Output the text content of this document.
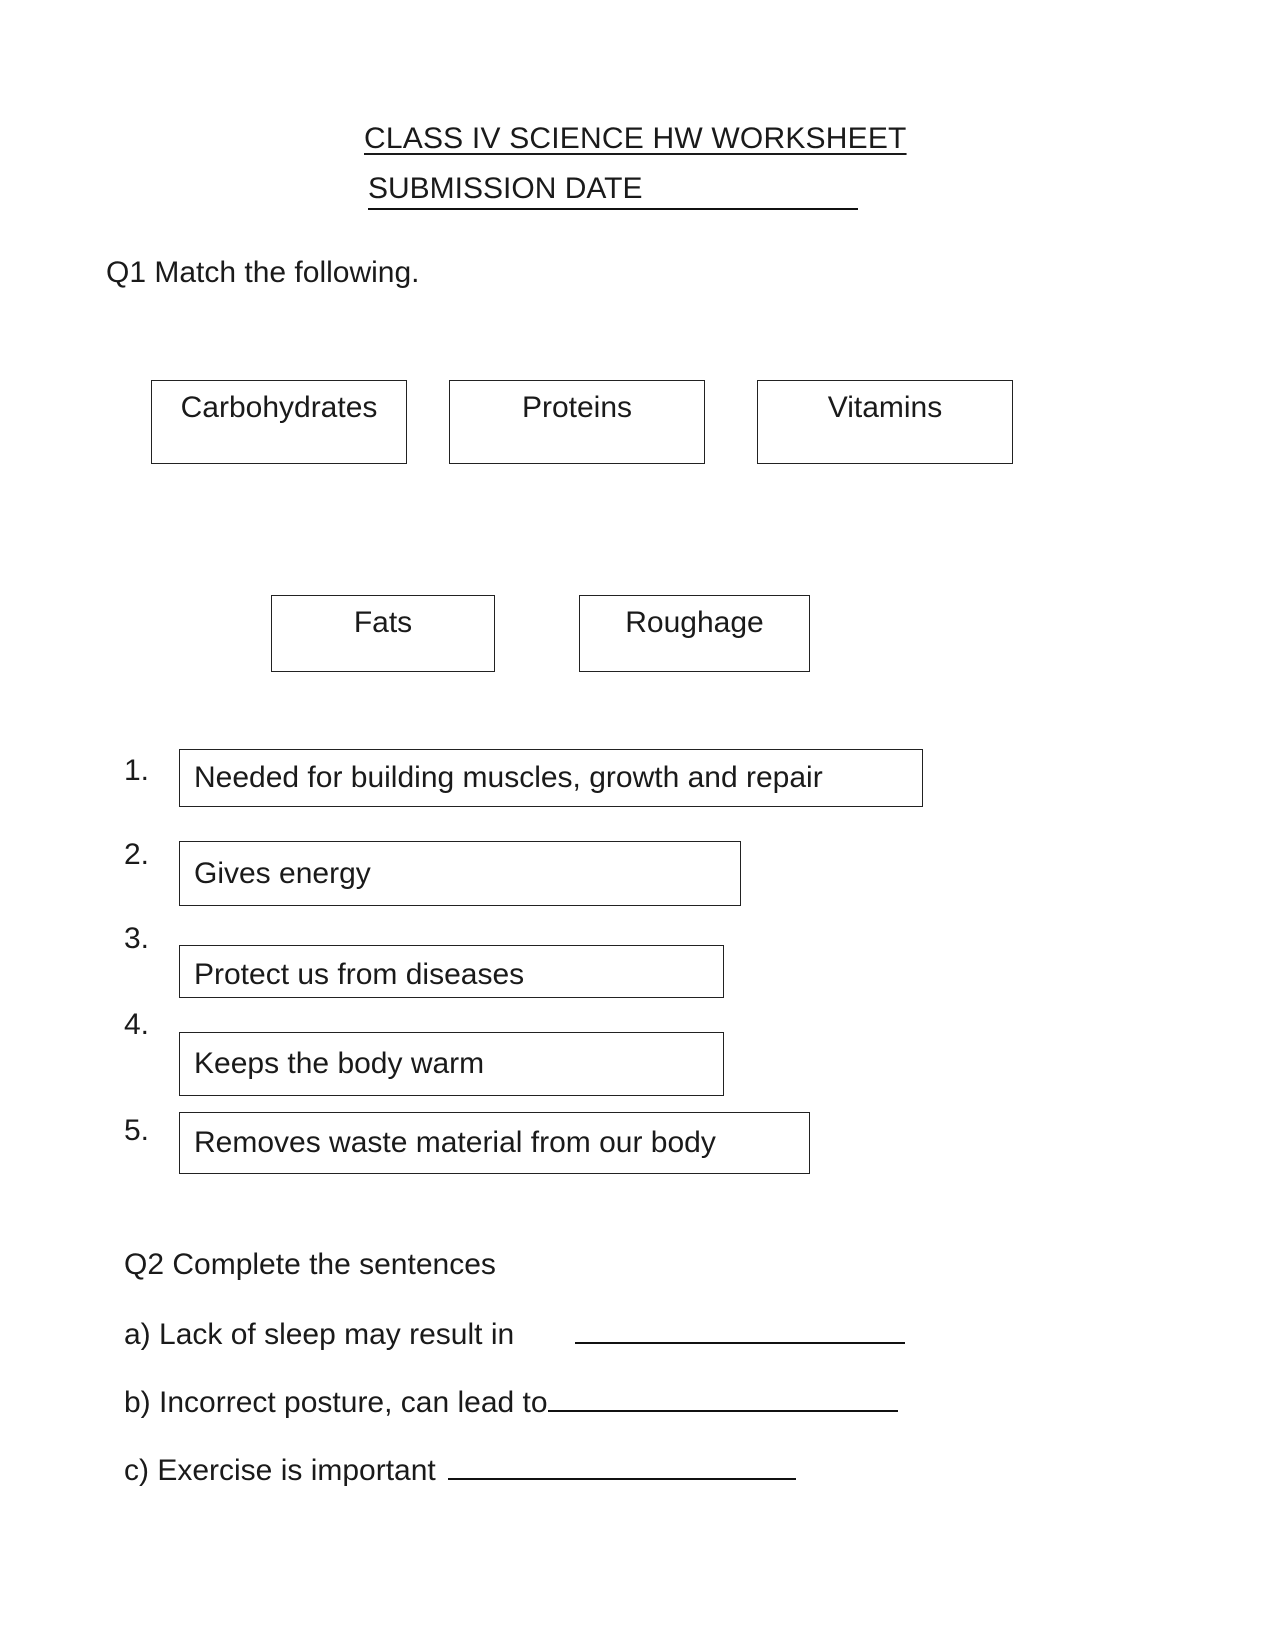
CLASS IV SCIENCE HW WORKSHEET
SUBMISSION DATE
Q1 Match the following.
Carbohydrates	Proteins	Vitamins
Fats	Roughage
1. Needed for building muscles, growth and repair
2.
Gives energy
3.
Protect us from diseases
4.
Keeps the body warm
5. Removes waste material from our body
Q2 Complete the sentences
a) Lack of sleep may result in
b) Incorrect posture, can lead to
c) Exercise is important
